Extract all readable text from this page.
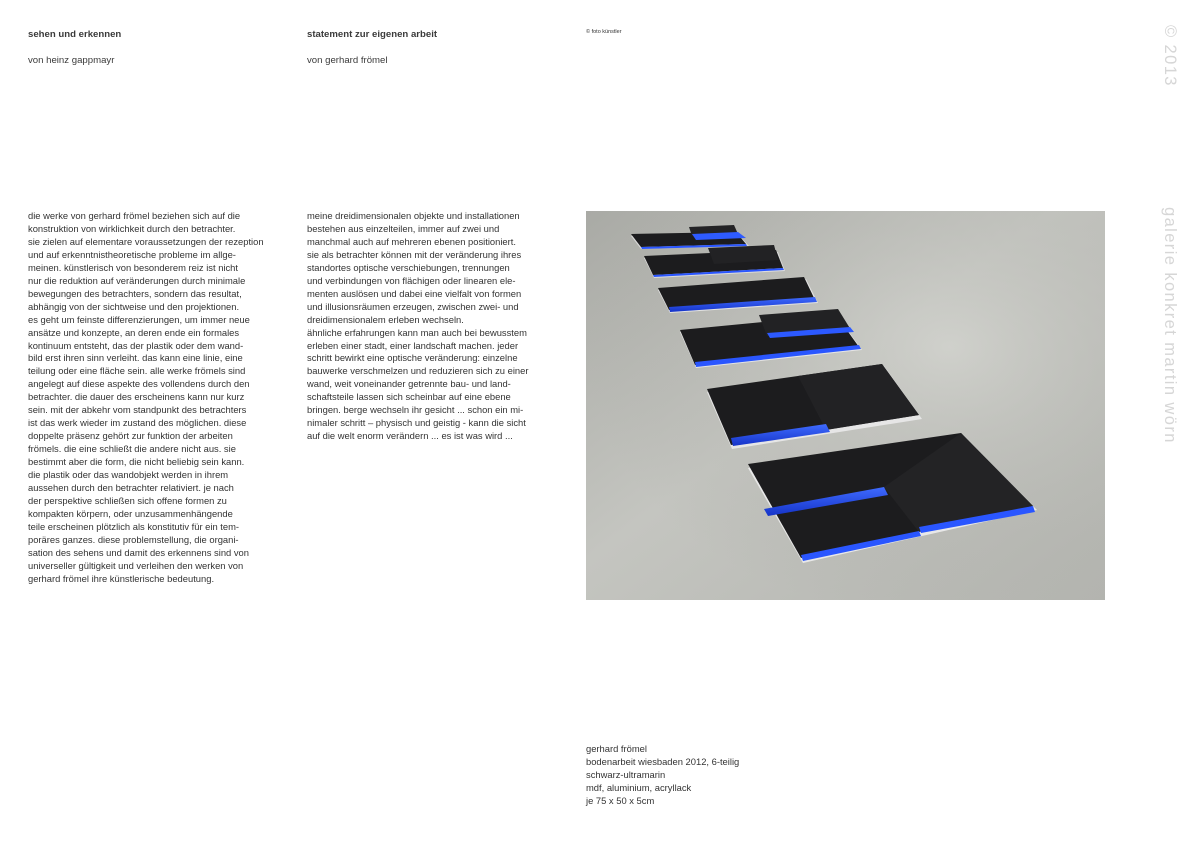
sehen und erkennen
von heinz gappmayr

die werke von gerhard frömel beziehen sich auf die

konstruktion von wirklichkeit durch den betrachter.

sie zielen auf elementare voraussetzungen der rezeption

und auf erkenntnistheoretische probleme im allge-

meinen. künstlerisch von besonderem reiz ist nicht

nur die reduktion auf veränderungen durch minimale

bewegungen des betrachters, sondern das resultat,

abhängig von der sichtweise und den projektionen.

es geht um feinste differenzierungen, um immer neue

ansätze und konzepte, an deren ende ein formales

kontinuum entsteht, das der plastik oder dem wand-

bild erst ihren sinn verleiht. das kann eine linie, eine

teilung oder eine fläche sein. alle werke frömels sind

angelegt auf diese aspekte des vollendens durch den

betrachter. die dauer des erscheinens kann nur kurz

sein. mit der abkehr vom standpunkt des betrachters

ist das werk wieder im zustand des möglichen. diese

doppelte präsenz gehört zur funktion der arbeiten

frömels. die eine schließt die andere nicht aus. sie

bestimmt aber die form, die nicht beliebig sein kann.

die plastik oder das wandobjekt werden in ihrem

aussehen durch den betrachter relativiert. je nach

der perspektive schließen sich offene formen zu

kompakten körpern, oder unzusammenhängende

teile erscheinen plötzlich als konstitutiv für ein tem-

poräres ganzes. diese problemstellung, die organi-

sation des sehens und damit des erkennens sind von

universeller gültigkeit und verleihen den werken von

gerhard frömel ihre künstlerische bedeutung.

statement zur eigenen arbeit
von gerhard frömel

meine dreidimensionalen objekte und installationen

bestehen aus einzelteilen, immer auf zwei und

manchmal auch auf mehreren ebenen positioniert.

sie als betrachter können mit der veränderung ihres

standortes optische verschiebungen, trennungen

und verbindungen von flächigen oder linearen ele-

menten auslösen und dabei eine vielfalt von formen

und illusionsräumen erzeugen, zwischen zwei- und

dreidimensionalem erleben wechseln.

ähnliche erfahrungen kann man auch bei bewusstem

erleben einer stadt, einer landschaft machen. jeder

schritt bewirkt eine optische veränderung: einzelne

bauwerke verschmelzen und reduzieren sich zu einer

wand, weit voneinander getrennte bau- und land-

schaftsteile lassen sich scheinbar auf eine ebene

bringen. berge wechseln ihr gesicht ... schon ein mi-

nimaler schritt – physisch und geistig - kann die sicht

auf die welt enorm verändern ... es ist was wird ...

© foto künstler

gerhard frömel

bodenarbeit wiesbaden 2012, 6-teilig

schwarz-ultramarin

mdf, aluminium, acryllack

je 75 x 50 x 5cm

© 2013
galerie konkret martin wörn
